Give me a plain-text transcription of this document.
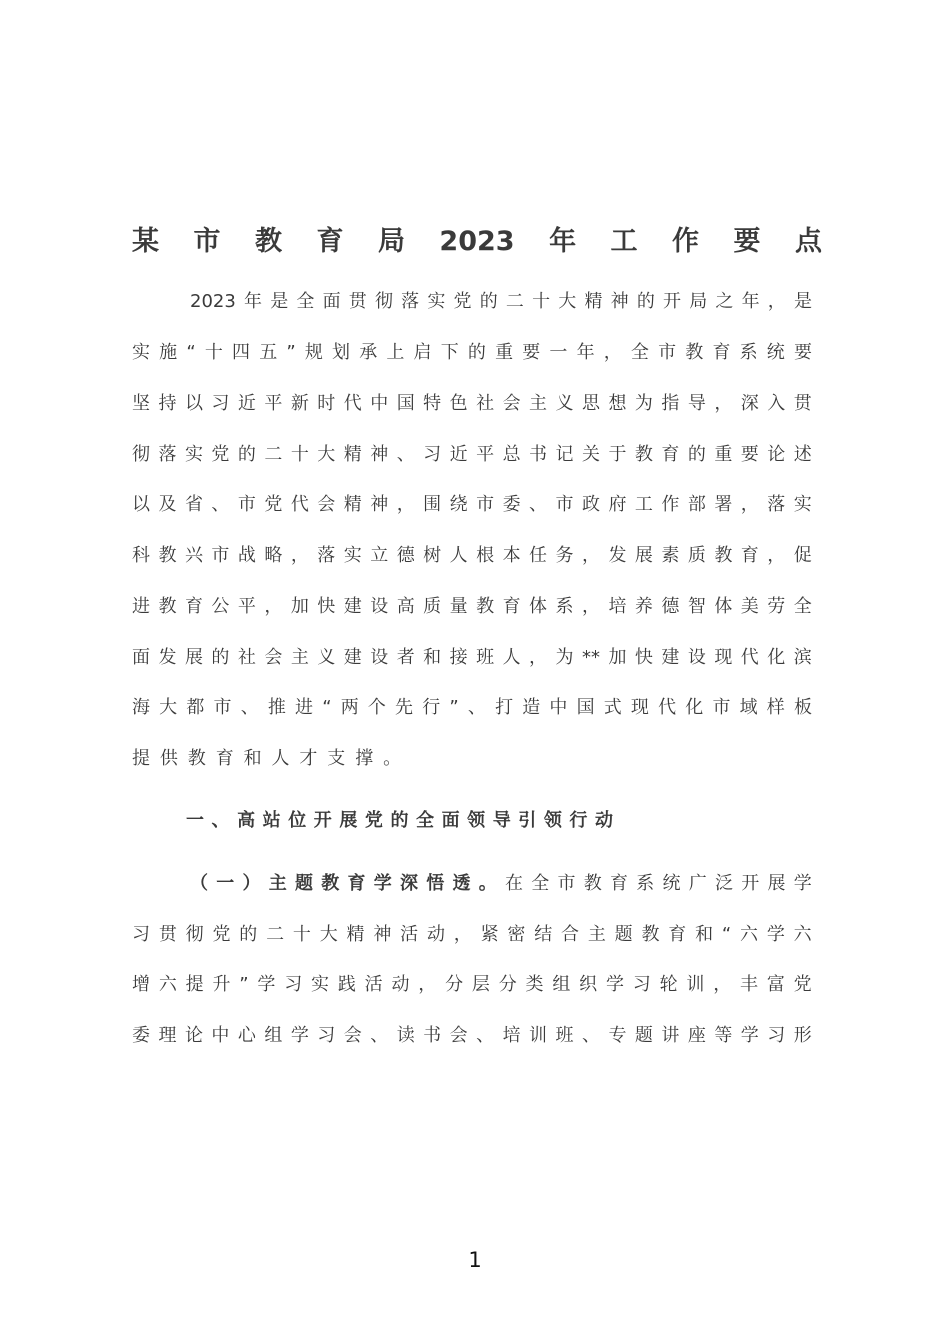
某 市 教 育 局 2023 年 工 作 要 点
2023 年 是 全 面 贯 彻 落 实 党 的 二 十 大 精 神 的 开 局 之 年 ， 是
实 施 “ 十 四 五 ” 规 划 承 上 启 下 的 重 要 一 年 ， 全 市 教 育 系 统 要
坚 持 以 习 近 平 新 时 代 中 国 特 色 社 会 主 义 思 想 为 指 导 ， 深 入 贯
彻 落 实 党 的 二 十 大 精 神 、 习 近 平 总 书 记 关 于 教 育 的 重 要 论 述
以 及 省 、 市 党 代 会 精 神 ， 围 绕 市 委 、 市 政 府 工 作 部 署 ， 落 实
科 教 兴 市 战 略 ， 落 实 立 德 树 人 根 本 任 务 ， 发 展 素 质 教 育 ， 促
进 教 育 公 平 ， 加 快 建 设 高 质 量 教 育 体 系 ， 培 养 德 智 体 美 劳 全
面 发 展 的 社 会 主 义 建 设 者 和 接 班 人 ， 为 ** 加 快 建 设 现 代 化 滨
海 大 都 市 、 推 进 “ 两 个 先 行 ” 、 打 造 中 国 式 现 代 化 市 域 样 板
提供教育和人才支撑。
一、高站位开展党的全面领导引领行动
（ 一 ） 主 题 教 育 学 深 悟 透 。 在 全 市 教 育 系 统 广 泛 开 展 学
习 贯 彻 党 的 二 十 大 精 神 活 动 ， 紧 密 结 合 主 题 教 育 和 “ 六 学 六
增 六 提 升 ” 学 习 实 践 活 动 ， 分 层 分 类 组 织 学 习 轮 训 ， 丰 富 党
委 理 论 中 心 组 学 习 会 、 读 书 会 、 培 训 班 、 专 题 讲 座 等 学 习 形
1
